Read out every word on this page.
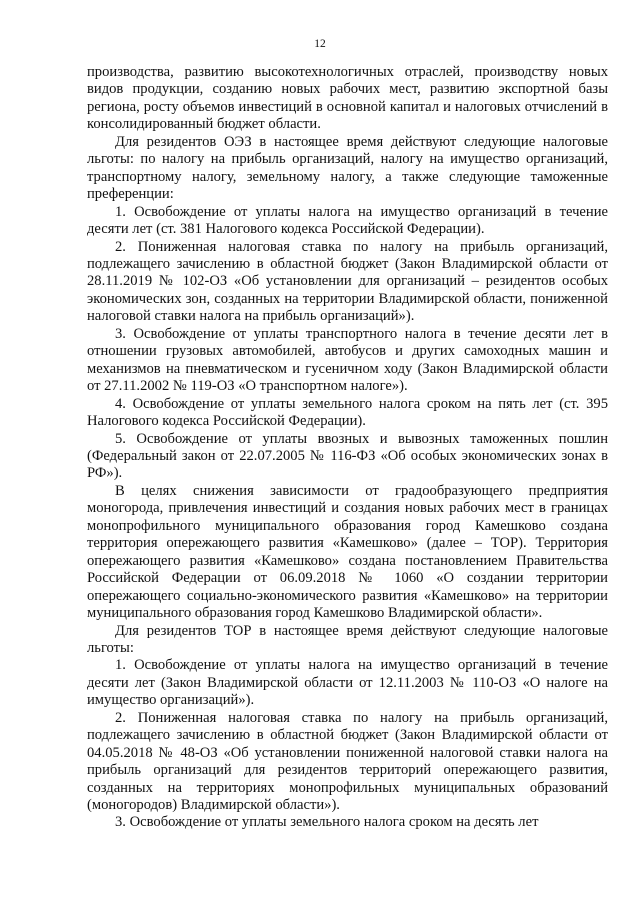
12

производства, развитию высокотехнологичных отраслей, производству новых видов продукции, созданию новых рабочих мест, развитию экспортной базы региона, росту объемов инвестиций в основной капитал и налоговых отчислений в консолидированный бюджет области.

Для резидентов ОЭЗ в настоящее время действуют следующие налоговые льготы: по налогу на прибыль организаций, налогу на имущество организаций, транспортному налогу, земельному налогу, а также следующие таможенные преференции:

1. Освобождение от уплаты налога на имущество организаций в течение десяти лет (ст. 381 Налогового кодекса Российской Федерации).

2. Пониженная налоговая ставка по налогу на прибыль организаций, подлежащего зачислению в областной бюджет (Закон Владимирской области от 28.11.2019 № 102-ОЗ «Об установлении для организаций – резидентов особых экономических зон, созданных на территории Владимирской области, пониженной налоговой ставки налога на прибыль организаций»).

3. Освобождение от уплаты транспортного налога в течение десяти лет в отношении грузовых автомобилей, автобусов и других самоходных машин и механизмов на пневматическом и гусеничном ходу (Закон Владимирской области от 27.11.2002 № 119-ОЗ «О транспортном налоге»).

4. Освобождение от уплаты земельного налога сроком на пять лет (ст. 395 Налогового кодекса Российской Федерации).

5. Освобождение от уплаты ввозных и вывозных таможенных пошлин (Федеральный закон от 22.07.2005 № 116-ФЗ «Об особых экономических зонах в РФ»).

В целях снижения зависимости от градообразующего предприятия моногорода, привлечения инвестиций и создания новых рабочих мест в границах монопрофильного муниципального образования город Камешково создана территория опережающего развития «Камешково» (далее – ТОР). Территория опережающего развития «Камешково» создана постановлением Правительства Российской Федерации от 06.09.2018 № 1060 «О создании территории опережающего социально-экономического развития «Камешково» на территории муниципального образования город Камешково Владимирской области».

Для резидентов ТОР в настоящее время действуют следующие налоговые льготы:

1. Освобождение от уплаты налога на имущество организаций в течение десяти лет (Закон Владимирской области от 12.11.2003 № 110-ОЗ «О налоге на имущество организаций»).

2. Пониженная налоговая ставка по налогу на прибыль организаций, подлежащего зачислению в областной бюджет (Закон Владимирской области от 04.05.2018 № 48-ОЗ «Об установлении пониженной налоговой ставки налога на прибыль организаций для резидентов территорий опережающего развития, созданных на территориях монопрофильных муниципальных образований (моногородов) Владимирской области»).

3. Освобождение от уплаты земельного налога сроком на десять лет
